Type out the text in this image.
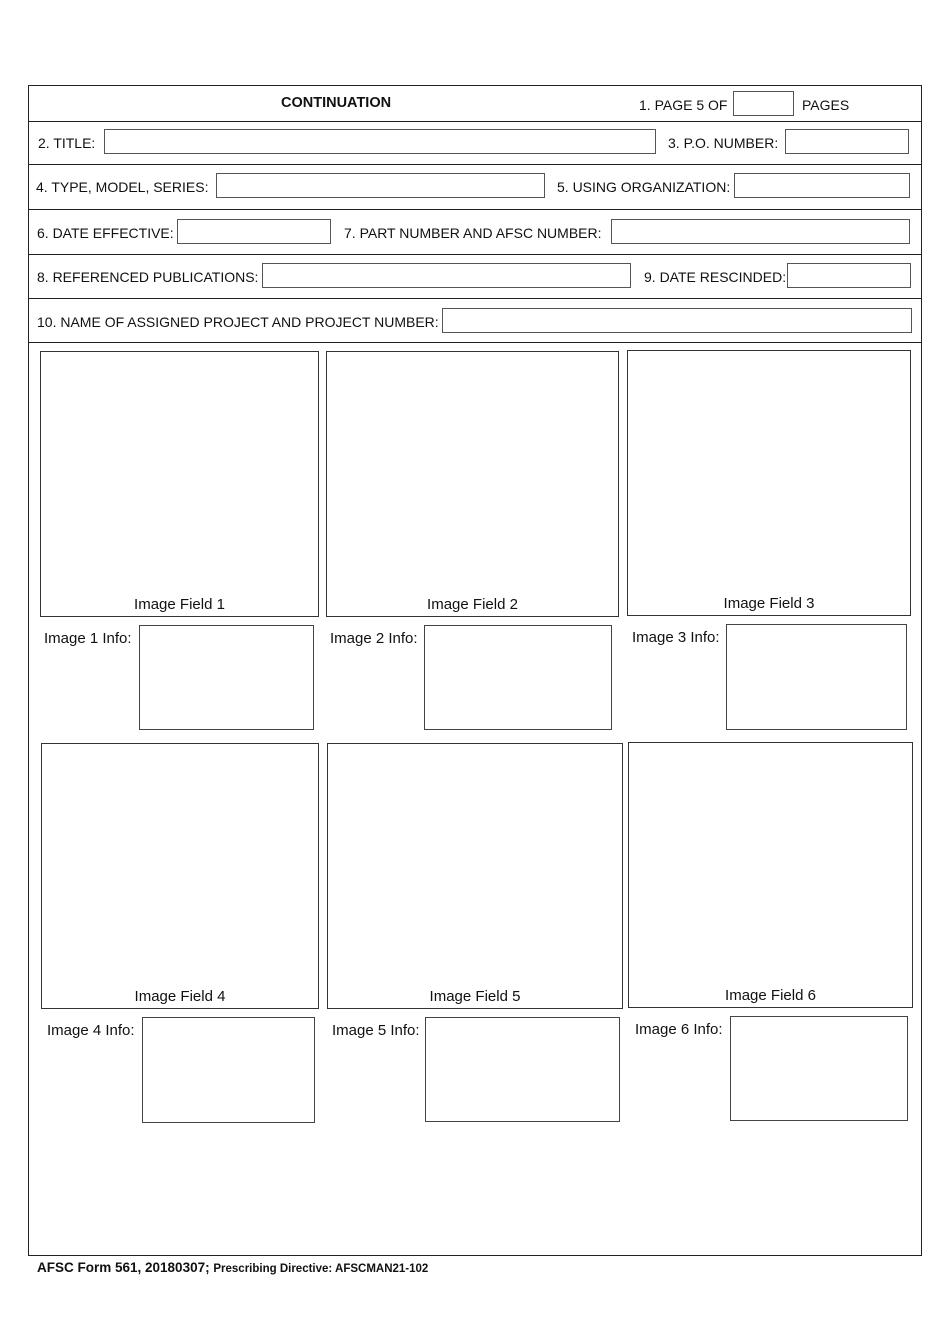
CONTINUATION	1. PAGE 5 OF	PAGES
2. TITLE:	3. P.O. NUMBER:
4. TYPE, MODEL, SERIES:	5. USING ORGANIZATION:
6. DATE EFFECTIVE:	7. PART NUMBER AND AFSC NUMBER:
8. REFERENCED PUBLICATIONS:	9. DATE RESCINDED:
10. NAME OF ASSIGNED PROJECT AND PROJECT NUMBER:
Image Field 1	Image Field 2	Image Field 3
Image 1 Info:	Image 2 Info:	Image 3 Info:
Image Field 4	Image Field 5	Image Field 6
Image 4 Info:	Image 5 Info:	Image 6 Info:
AFSC Form 561, 20180307; Prescribing Directive: AFSCMAN21-102
